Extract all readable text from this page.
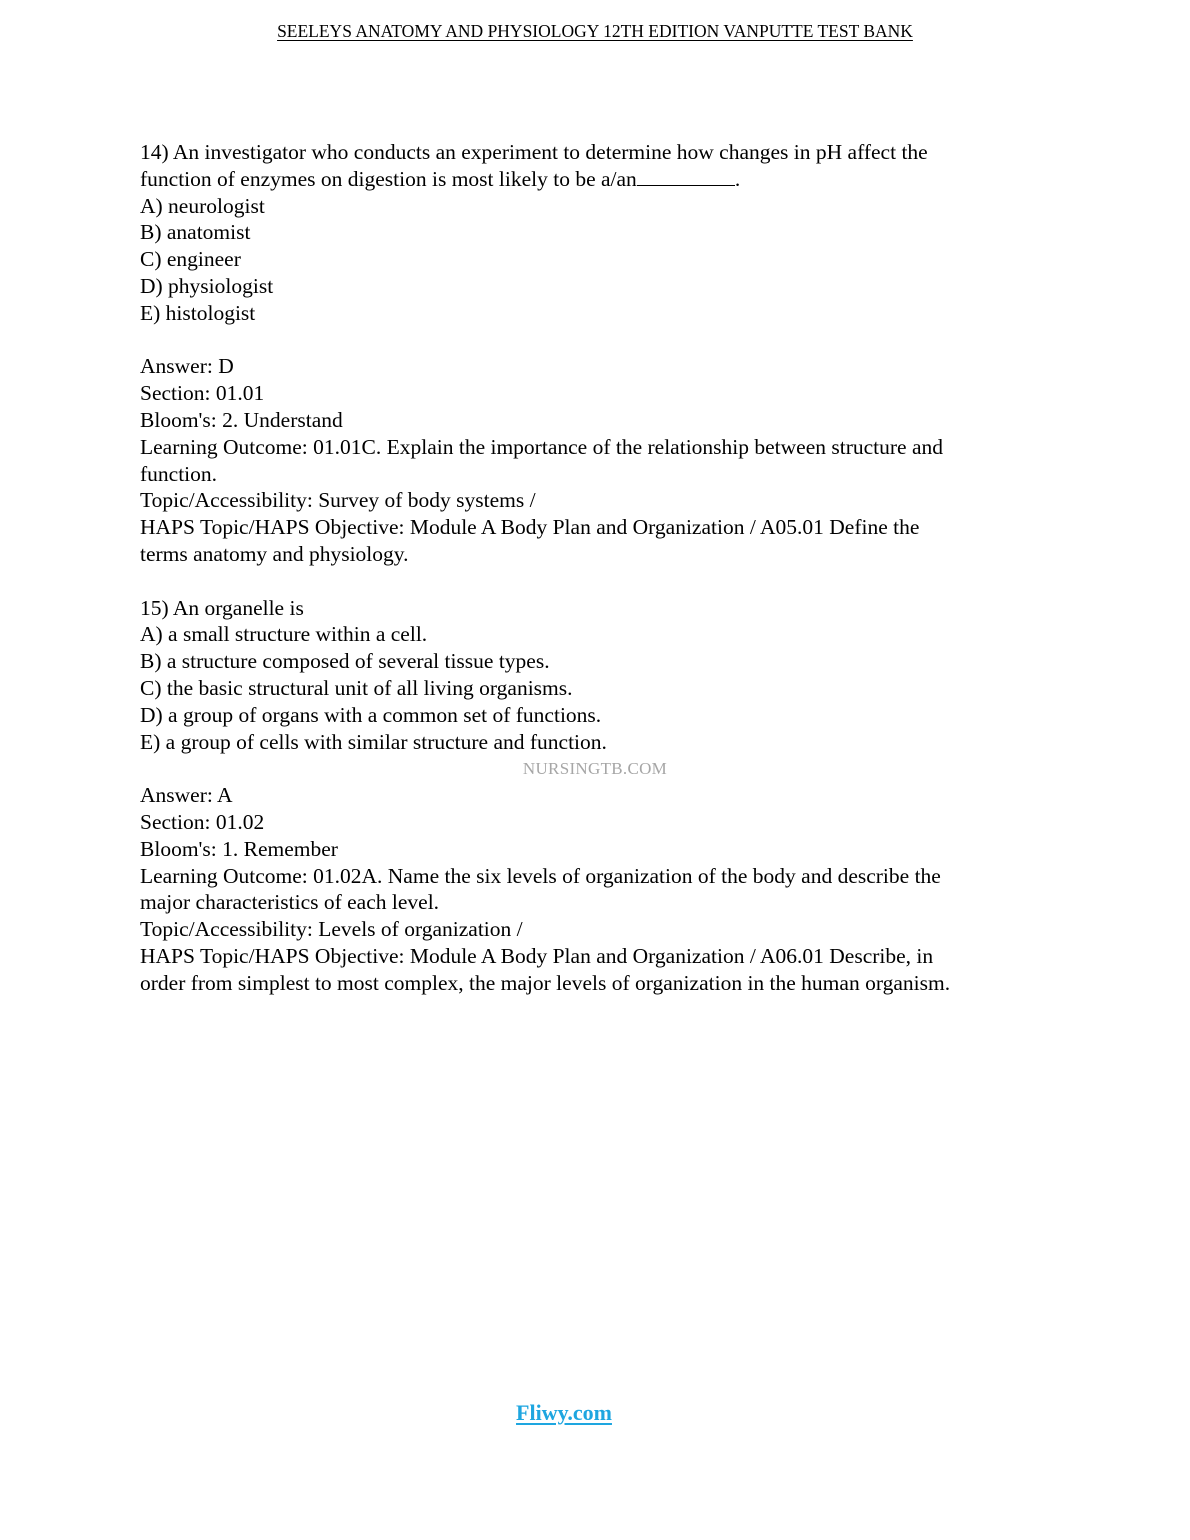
SEELEYS ANATOMY AND PHYSIOLOGY 12TH EDITION VANPUTTE TEST BANK
14) An investigator who conducts an experiment to determine how changes in pH affect the
function of enzymes on digestion is most likely to be a/an	.
A) neurologist
B) anatomist
C) engineer
D) physiologist
E) histologist
Answer: D
Section: 01.01
Bloom's: 2. Understand
Learning Outcome: 01.01C. Explain the importance of the relationship between structure and
function.
Topic/Accessibility: Survey of body systems /
HAPS Topic/HAPS Objective: Module A Body Plan and Organization / A05.01 Define the
terms anatomy and physiology.
15) An organelle is
A) a small structure within a cell.
B) a structure composed of several tissue types.
C) the basic structural unit of all living organisms.
D) a group of organs with a common set of functions.
E) a group of cells with similar structure and function.
NURSINGTB.COM
Answer: A
Section: 01.02
Bloom's: 1. Remember
Learning Outcome: 01.02A. Name the six levels of organization of the body and describe the
major characteristics of each level.
Topic/Accessibility: Levels of organization /
HAPS Topic/HAPS Objective: Module A Body Plan and Organization / A06.01 Describe, in
order from simplest to most complex, the major levels of organization in the human organism.
Fliwy.com
